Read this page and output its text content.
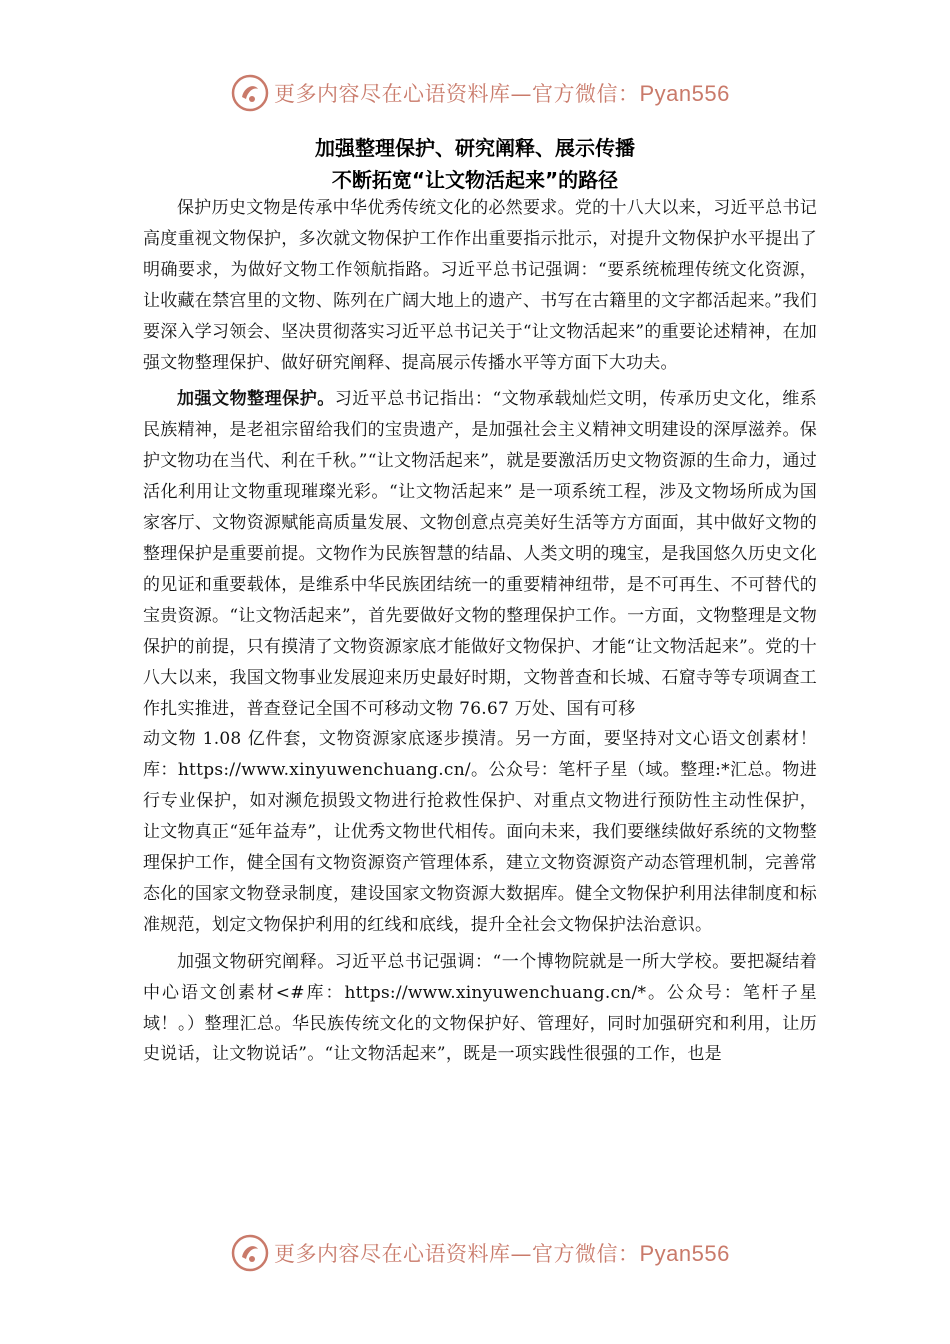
更多内容尽在心语资料库—官方微信：Pyan556
加强整理保护、研究阐释、展示传播
不断拓宽“让文物活起来”的路径

保护历史文物是传承中华优秀传统文化的必然要求。党的十八大以来，习近平总书记高度重视文物保护，多次就文物保护工作作出重要指示批示，对提升文物保护水平提出了明确要求，为做好文物工作领航指路。习近平总书记强调：“要系统梳理传统文化资源，让收藏在禁宫里的文物、陈列在广阔大地上的遗产、书写在古籍里的文字都活起来。”我们要深入学习领会、坚决贯彻落实习近平总书记关于“让文物活起来”的重要论述精神，在加强文物整理保护、做好研究阐释、提高展示传播水平等方面下大功夫。

加强文物整理保护。习近平总书记指出：“文物承载灿烂文明，传承历史文化，维系民族精神，是老祖宗留给我们的宝贵遗产，是加强社会主义精神文明建设的深厚滋养。保护文物功在当代、利在千秋。”“让文物活起来”，就是要激活历史文物资源的生命力，通过活化利用让文物重现璀璨光彩。“让文物活起来” 是一项系统工程，涉及文物场所成为国家客厅、文物资源赋能高质量发展、文物创意点亮美好生活等方方面面，其中做好文物的整理保护是重要前提。文物作为民族智慧的结晶、人类文明的瑰宝，是我国悠久历史文化的见证和重要载体，是维系中华民族团结统一的重要精神纽带，是不可再生、不可替代的宝贵资源。“让文物活起来”，首先要做好文物的整理保护工作。一方面，文物整理是文物保护的前提，只有摸清了文物资源家底才能做好文物保护、才能“让文物活起来”。党的十八大以来，我国文物事业发展迎来历史最好时期，文物普查和长城、石窟寺等专项调查工作扎实推进，普查登记全国不可移动文物 76.67 万处、国有可移

动文物 1.08 亿件套，文物资源家底逐步摸清。另一方面，要坚持对文心语文创素材！库：https://www.xinyuwenchuang.cn/。公众号：笔杆子星（域。整理:*汇总。物进行专业保护，如对濒危损毁文物进行抢救性保护、对重点文物进行预防性主动性保护， 让文物真正“延年益寿”，让优秀文物世代相传。面向未来，我们要继续做好系统的文物整理保护工作，健全国有文物资源资产管理体系，建立文物资源资产动态管理机制，完善常态化的国家文物登录制度，建设国家文物资源大数据库。健全文物保护利用法律制度和标准规范，划定文物保护利用的红线和底线，提升全社会文物保护法治意识。

加强文物研究阐释。习近平总书记强调：“一个博物院就是一所大学校。要把凝结着中心语文创素材<#库：https://www.xinyuwenchuang.cn/*。公众号：笔杆子星域！。）整理汇总。华民族传统文化的文物保护好、管理好，同时加强研究和利用，让历史说话，让文物说话”。“让文物活起来”，既是一项实践性很强的工作，也是

更多内容尽在心语资料库—官方微信：Pyan556
